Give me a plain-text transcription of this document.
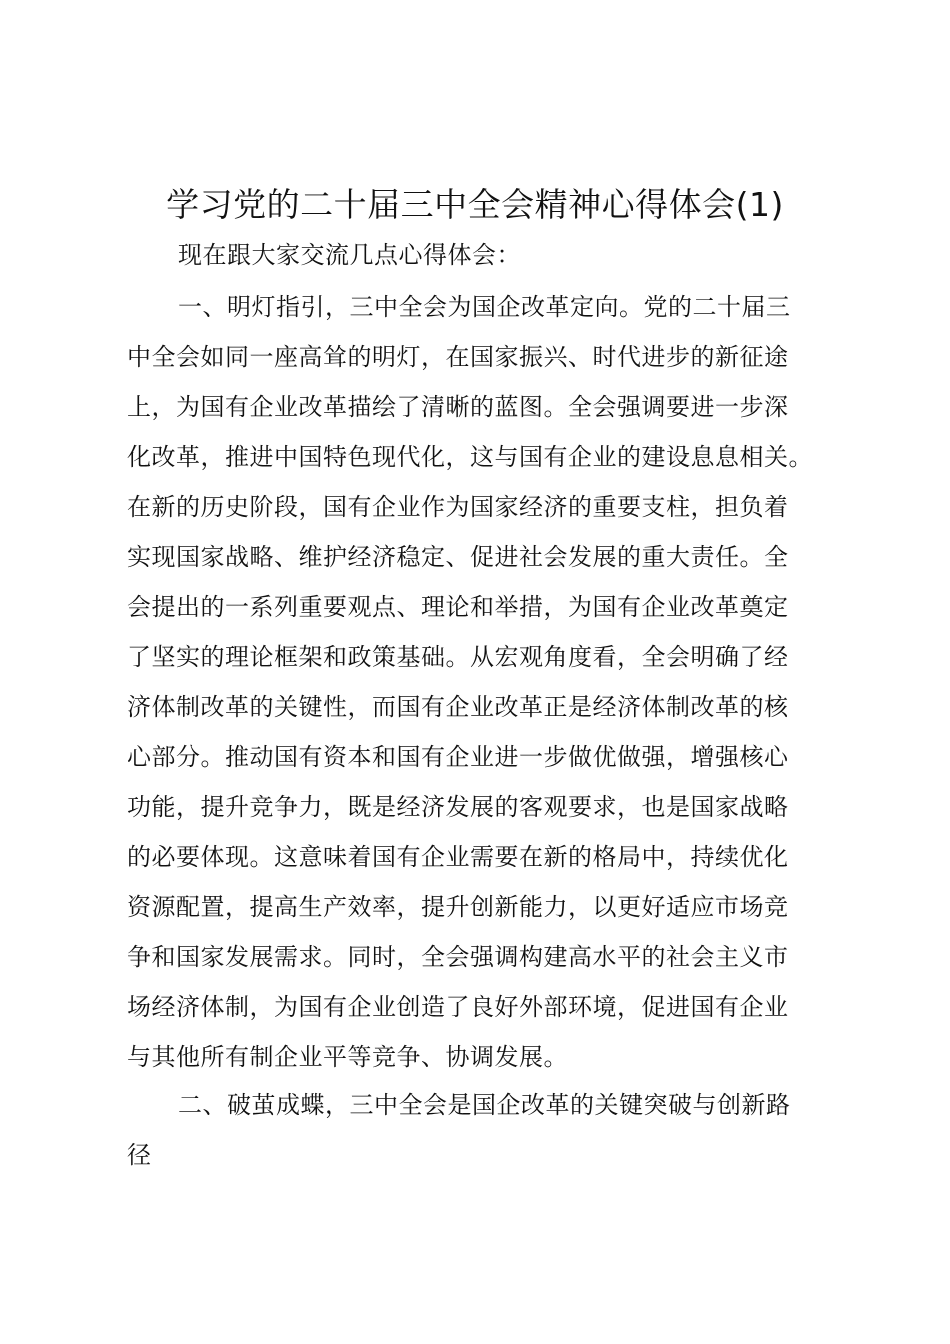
学习党的二十届三中全会精神心得体会(1)
现在跟大家交流几点心得体会：
一、明灯指引，三中全会为国企改革定向。党的二十届三
中全会如同一座高耸的明灯，在国家振兴、时代进步的新征途
上，为国有企业改革描绘了清晰的蓝图。全会强调要进一步深
化改革，推进中国特色现代化，这与国有企业的建设息息相关。
在新的历史阶段，国有企业作为国家经济的重要支柱，担负着
实现国家战略、维护经济稳定、促进社会发展的重大责任。全
会提出的一系列重要观点、理论和举措，为国有企业改革奠定
了坚实的理论框架和政策基础。从宏观角度看，全会明确了经
济体制改革的关键性，而国有企业改革正是经济体制改革的核
心部分。推动国有资本和国有企业进一步做优做强，增强核心
功能，提升竞争力，既是经济发展的客观要求，也是国家战略
的必要体现。这意味着国有企业需要在新的格局中，持续优化
资源配置，提高生产效率，提升创新能力，以更好适应市场竞
争和国家发展需求。同时，全会强调构建高水平的社会主义市
场经济体制，为国有企业创造了良好外部环境，促进国有企业
与其他所有制企业平等竞争、协调发展。
二、破茧成蝶，三中全会是国企改革的关键突破与创新路
径
